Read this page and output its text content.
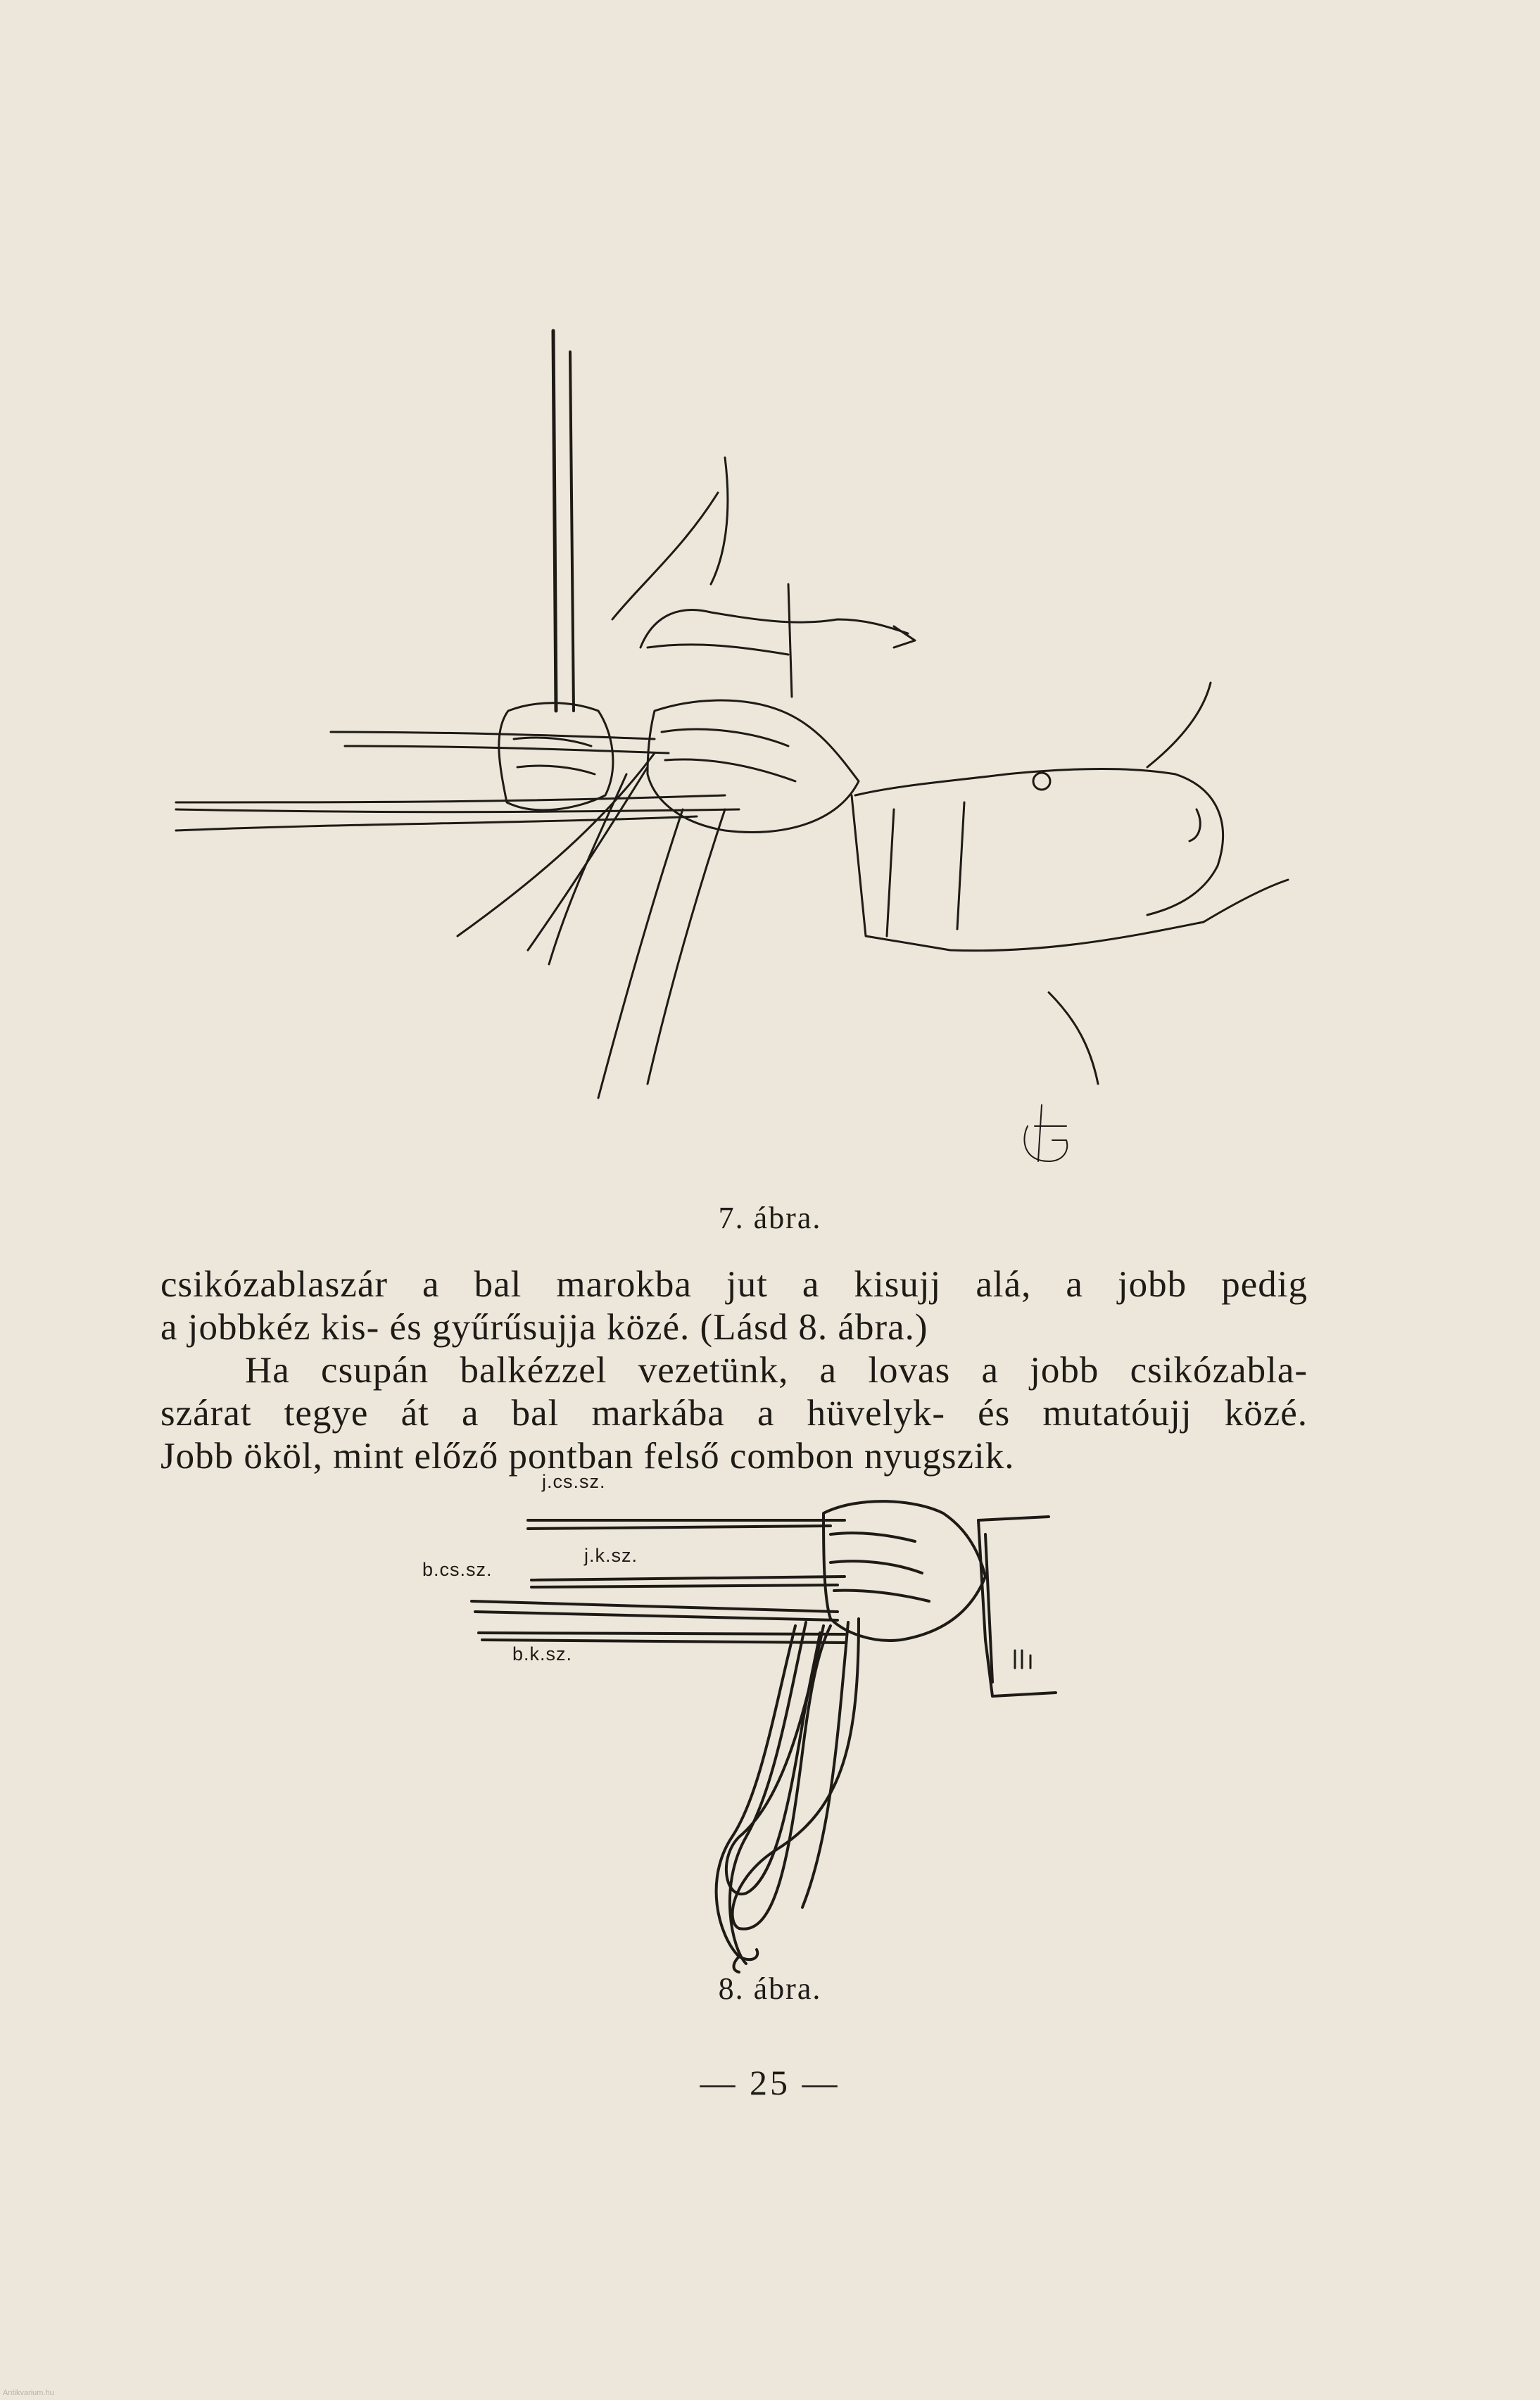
7. ábra.
csikózablaszár a bal marokba jut a kisujj alá, a jobb pedig
a jobbkéz kis- és gyűrűsujja közé. (Lásd 8. ábra.)
Ha csupán balkézzel vezetünk, a lovas a jobb csikózabla-
szárat tegye át a bal markába a hüvelyk- és mutatóujj közé.
Jobb ököl, mint előző pontban felső combon nyugszik.
j.cs.sz.
j.k.sz.
b.cs.sz.
b.k.sz.
8. ábra.
— 25 —
Antikvarium.hu
